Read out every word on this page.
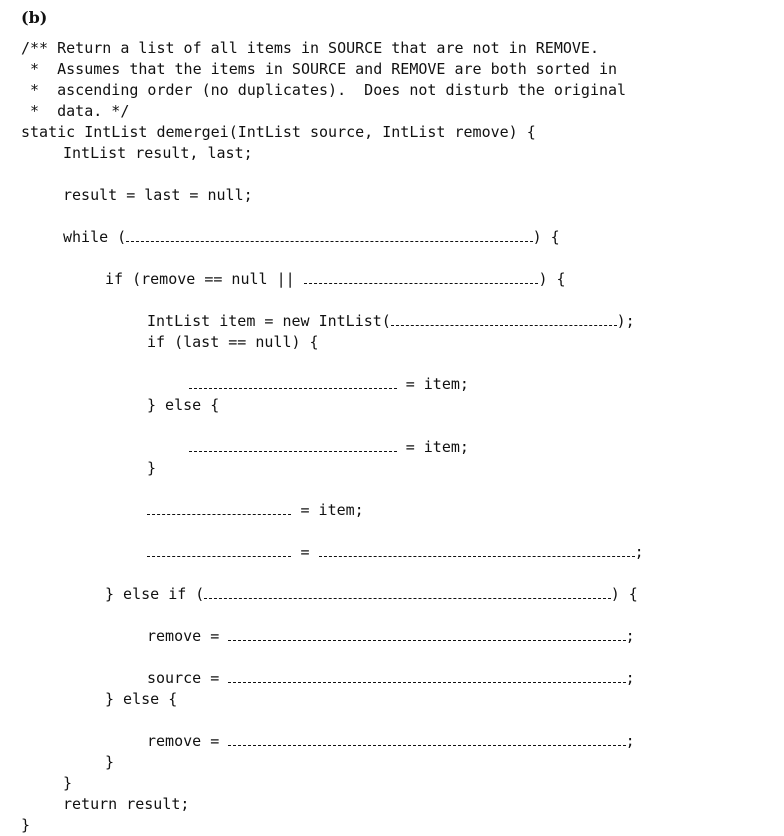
(b)
/** Return a list of all items in SOURCE that are not in REMOVE.
*  Assumes that the items in SOURCE and REMOVE are both sorted in
*  ascending order (no duplicates).  Does not disturb the original
*  data. */
static IntList demergei(IntList source, IntList remove) {
IntList result, last;
result = last = null;
while (	) {
if (remove == null ||	) {
IntList item = new IntList(	);
if (last == null) {
= item;
} else {
= item;
}
= item;
=	;
} else if (	) {
remove =	;
source =	;
} else {
remove =	;
}
}
return result;
}
